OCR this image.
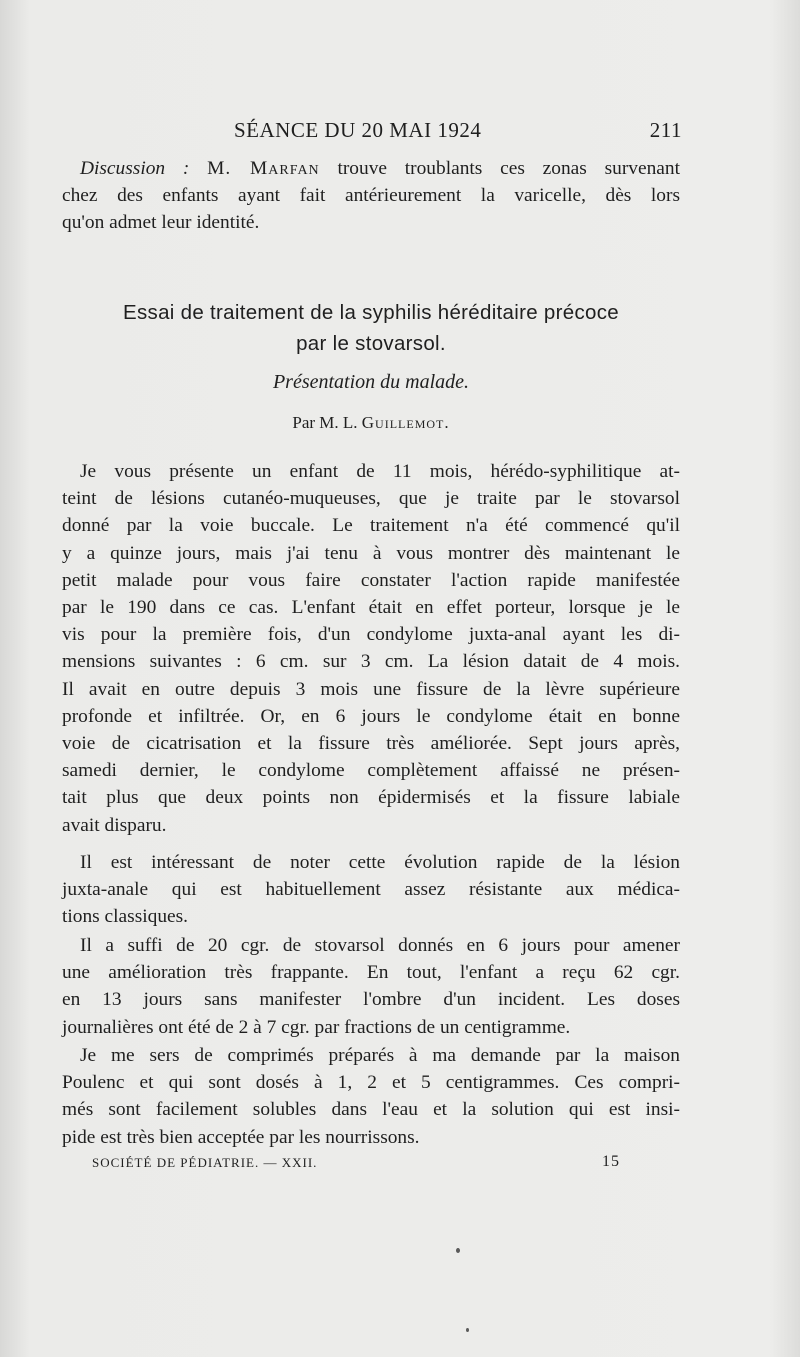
SÉANCE DU 20 MAI 1924	211
Discussion : M. Marfan trouve troublants ces zonas survenant
chez des enfants ayant fait antérieurement la varicelle, dès lors
qu'on admet leur identité.
Essai de traitement de la syphilis héréditaire précoce
par le stovarsol.
Présentation du malade.
Par M. L. Guillemot.
Je vous présente un enfant de 11 mois, hérédo-syphilitique at-
teint de lésions cutanéo-muqueuses, que je traite par le stovarsol
donné par la voie buccale. Le traitement n'a été commencé qu'il
y a quinze jours, mais j'ai tenu à vous montrer dès maintenant le
petit malade pour vous faire constater l'action rapide manifestée
par le 190 dans ce cas. L'enfant était en effet porteur, lorsque je le
vis pour la première fois, d'un condylome juxta-anal ayant les di-
mensions suivantes : 6 cm. sur 3 cm. La lésion datait de 4 mois.
Il avait en outre depuis 3 mois une fissure de la lèvre supérieure
profonde et infiltrée. Or, en 6 jours le condylome était en bonne
voie de cicatrisation et la fissure très améliorée. Sept jours après,
samedi dernier, le condylome complètement affaissé ne présen-
tait plus que deux points non épidermisés et la fissure labiale
avait disparu.
Il est intéressant de noter cette évolution rapide de la lésion
juxta-anale qui est habituellement assez résistante aux médica-
tions classiques.
Il a suffi de 20 cgr. de stovarsol donnés en 6 jours pour amener
une amélioration très frappante. En tout, l'enfant a reçu 62 cgr.
en 13 jours sans manifester l'ombre d'un incident. Les doses
journalières ont été de 2 à 7 cgr. par fractions de un centigramme.
Je me sers de comprimés préparés à ma demande par la maison
Poulenc et qui sont dosés à 1, 2 et 5 centigrammes. Ces compri-
més sont facilement solubles dans l'eau et la solution qui est insi-
pide est très bien acceptée par les nourrissons.
SOCIÉTÉ DE PÉDIATRIE. — XXII.	15
